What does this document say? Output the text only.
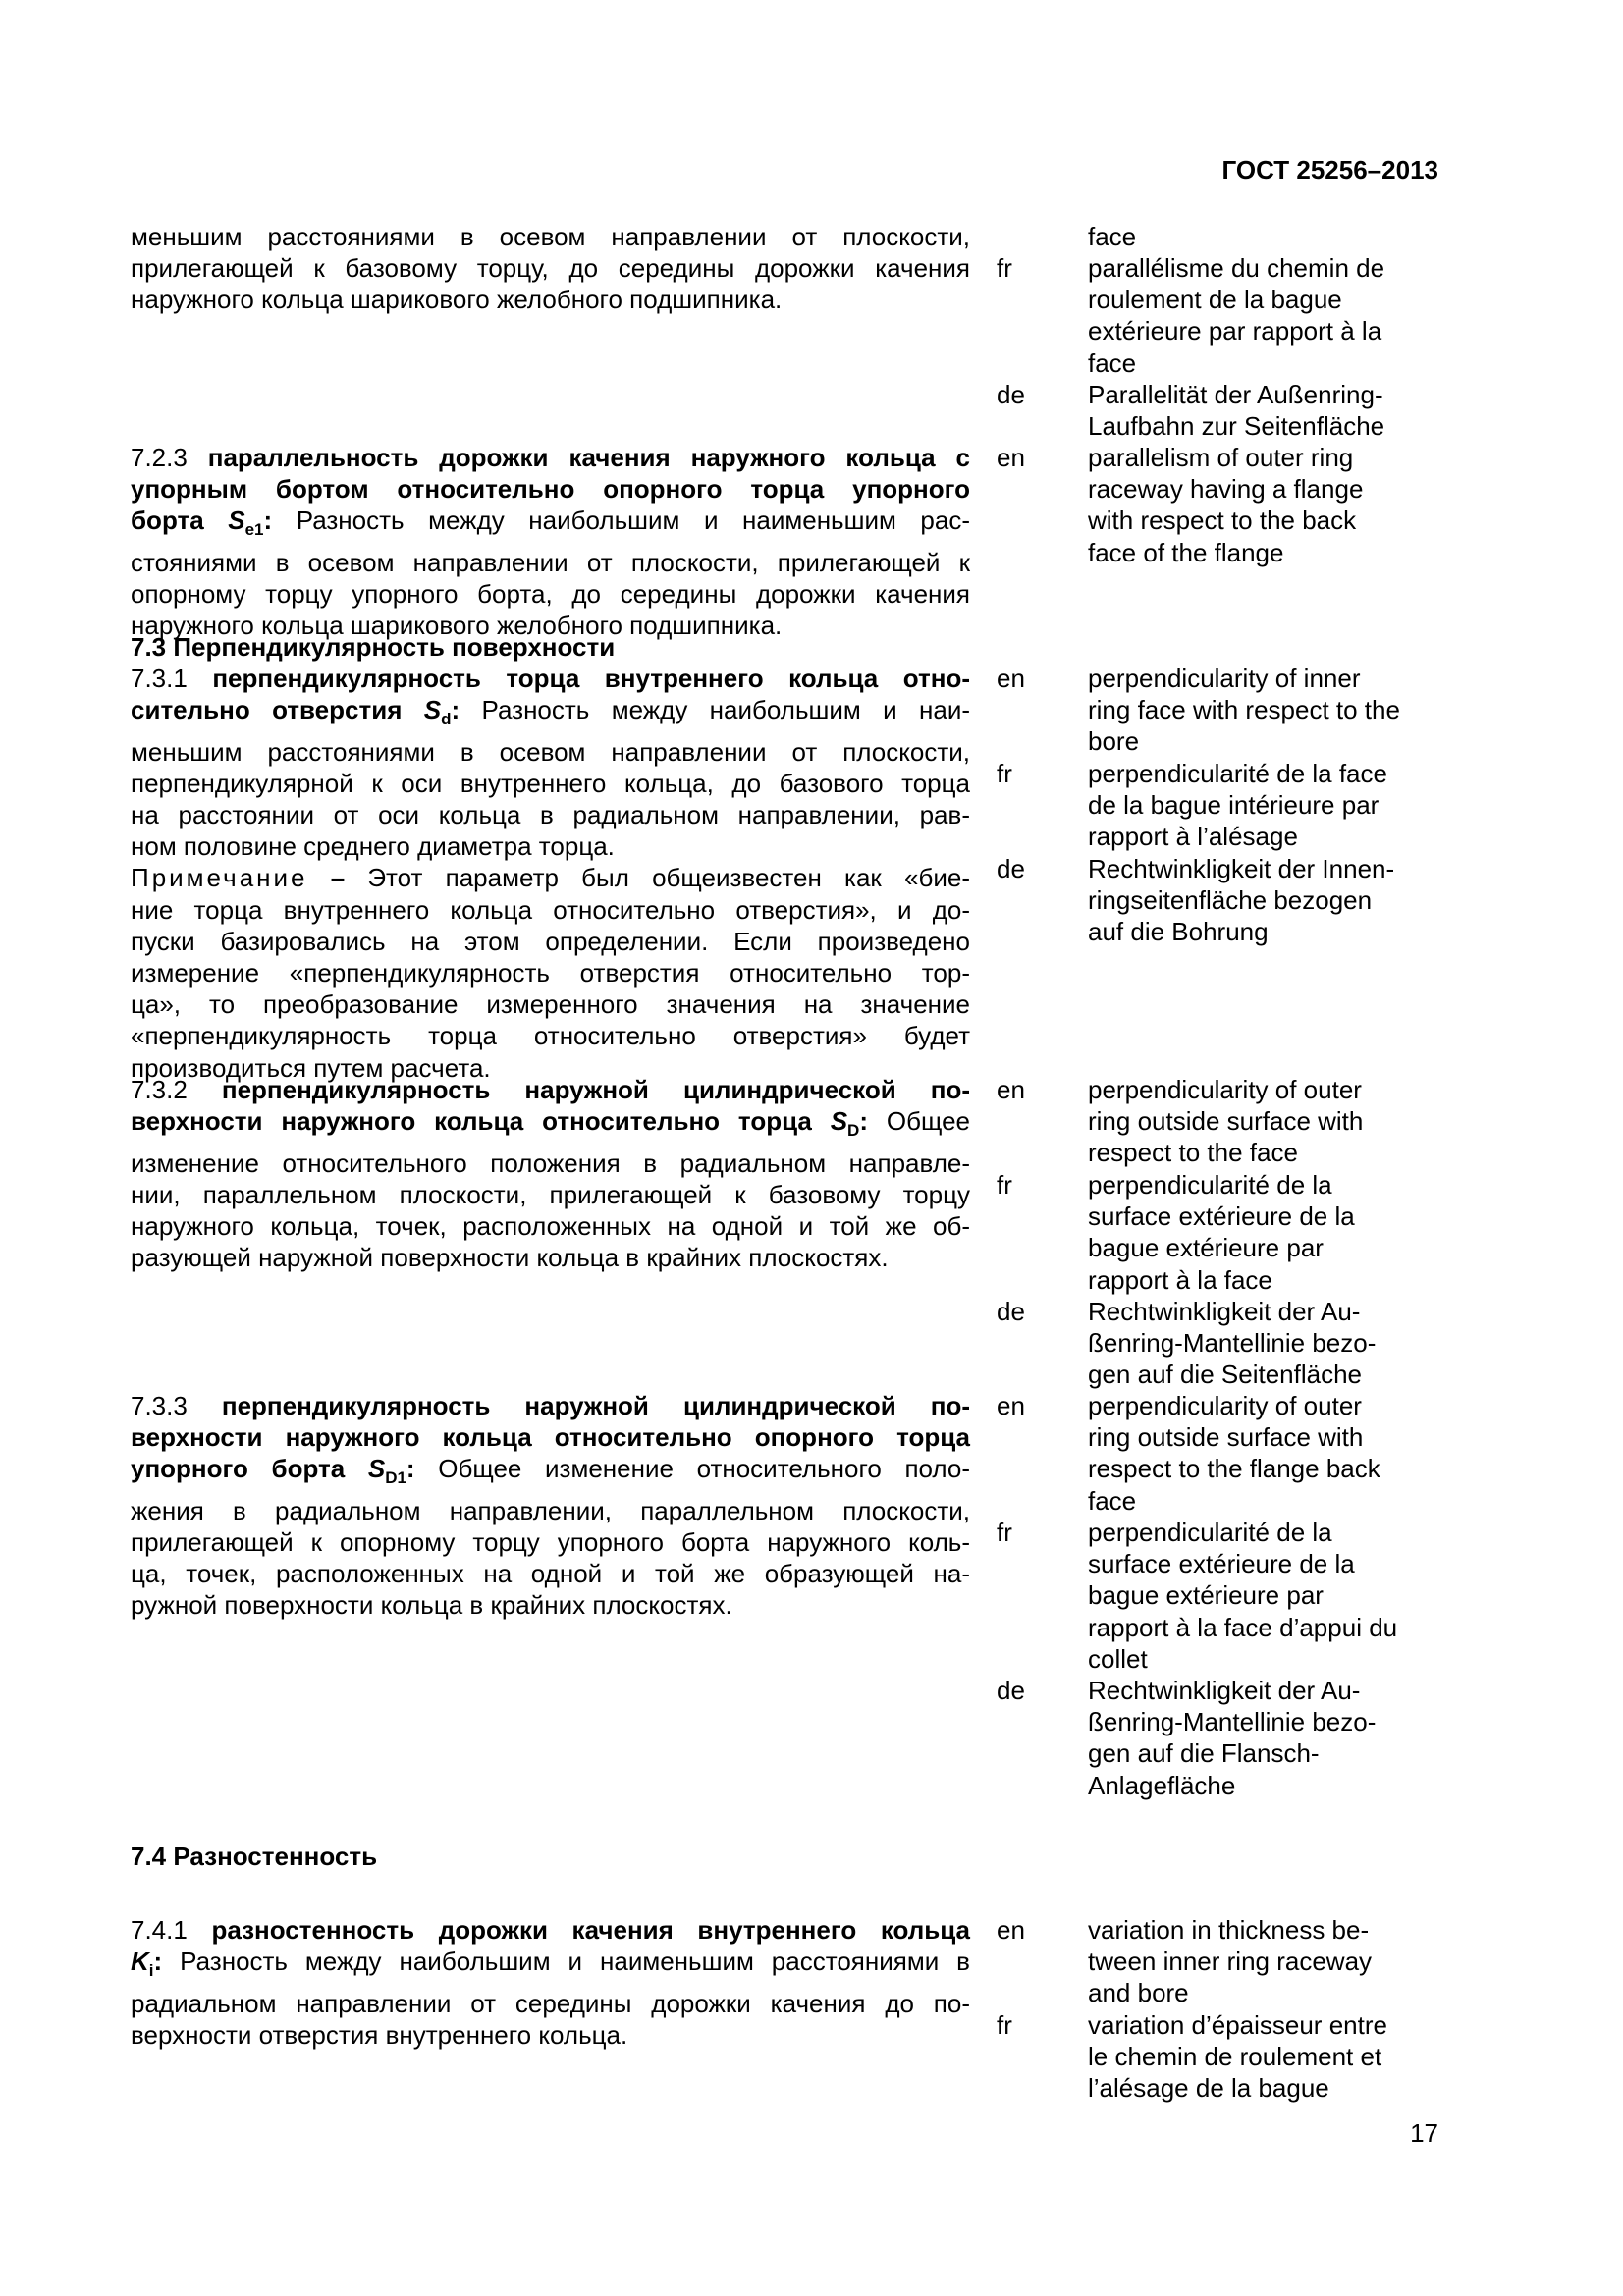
ГОСТ 25256–2013
меньшим расстояниями в осевом направлении от плоскости,
прилегающей к базовому торцу, до середины дорожки качения
наружного кольца шарикового желобного подшипника.
face
fr	parallélisme du chemin de
roulement de la bague
extérieure par rapport à la
face
de Parallelität der Außenring-
Laufbahn zur Seitenfläche
7.2.3 параллельность дорожки качения наружного кольца с
упорным бортом относительно опорного торца упорного
борта $S_{e1}$: Разность между наибольшим и наименьшим рас-
стояниями в осевом направлении от плоскости, прилегающей к
опорному торцу упорного борта, до середины дорожки качения
наружного кольца шарикового желобного подшипника.
en parallelism of outer ring
raceway having a flange
with respect to the back
face of the flange
7.3 Перпендикулярность поверхности
7.3.1 перпендикулярность торца внутреннего кольца отно-
сительно отверстия $S_d$: Разность между наибольшим и наи-
меньшим расстояниями в осевом направлении от плоскости,
перпендикулярной к оси внутреннего кольца, до базового торца
на расстоянии от оси кольца в радиальном направлении, рав-
ном половине среднего диаметра торца.
Примечание – Этот параметр был общеизвестен как «бие-
ние торца внутреннего кольца относительно отверстия», и до-
пуски базировались на этом определении. Если произведено
измерение «перпендикулярность отверстия относительно тор-
ца», то преобразование измеренного значения на значение
«перпендикулярность торца относительно отверстия» будет
производиться путем расчета.
en perpendicularity of inner
ring face with respect to the
bore
fr	perpendicularité de la face
de la bague intérieure par
rapport à l’alésage
de Rechtwinkligkeit der Innen-
ringseitenfläche bezogen
auf die Bohrung
7.3.2 перпендикулярность наружной цилиндрической по-
верхности наружного кольца относительно торца $S_D$: Общее
изменение относительного положения в радиальном направле-
нии, параллельном плоскости, прилегающей к базовому торцу
наружного кольца, точек, расположенных на одной и той же об-
разующей наружной поверхности кольца в крайних плоскостях.
en perpendicularity of outer
ring outside surface with
respect to the face
fr	perpendicularité de la
surface extérieure de la
bague extérieure par
rapport à la face
de Rechtwinkligkeit der Au-
ßenring-Mantellinie bezo-
gen auf die Seitenfläche
7.3.3 перпендикулярность наружной цилиндрической по-
верхности наружного кольца относительно опорного торца
упорного борта $S_{D1}$: Общее изменение относительного поло-
жения в радиальном направлении, параллельном плоскости,
прилегающей к опорному торцу упорного борта наружного коль-
ца, точек, расположенных на одной и той же образующей на-
ружной поверхности кольца в крайних плоскостях.
en perpendicularity of outer
ring outside surface with
respect to the flange back
face
fr	perpendicularité de la
surface extérieure de la
bague extérieure par
rapport à la face d’appui du
collet
de Rechtwinkligkeit der Au-
ßenring-Mantellinie bezo-
gen auf die Flansch-
Anlagefläche
7.4 Разностенность
7.4.1 разностенность дорожки качения внутреннего кольца
$K_i$: Разность между наибольшим и наименьшим расстояниями в
радиальном направлении от середины дорожки качения до по-
верхности отверстия внутреннего кольца.
en variation in thickness be-
tween inner ring raceway
and bore
fr	variation d’épaisseur entre
le chemin de roulement et
l’alésage de la bague
17
